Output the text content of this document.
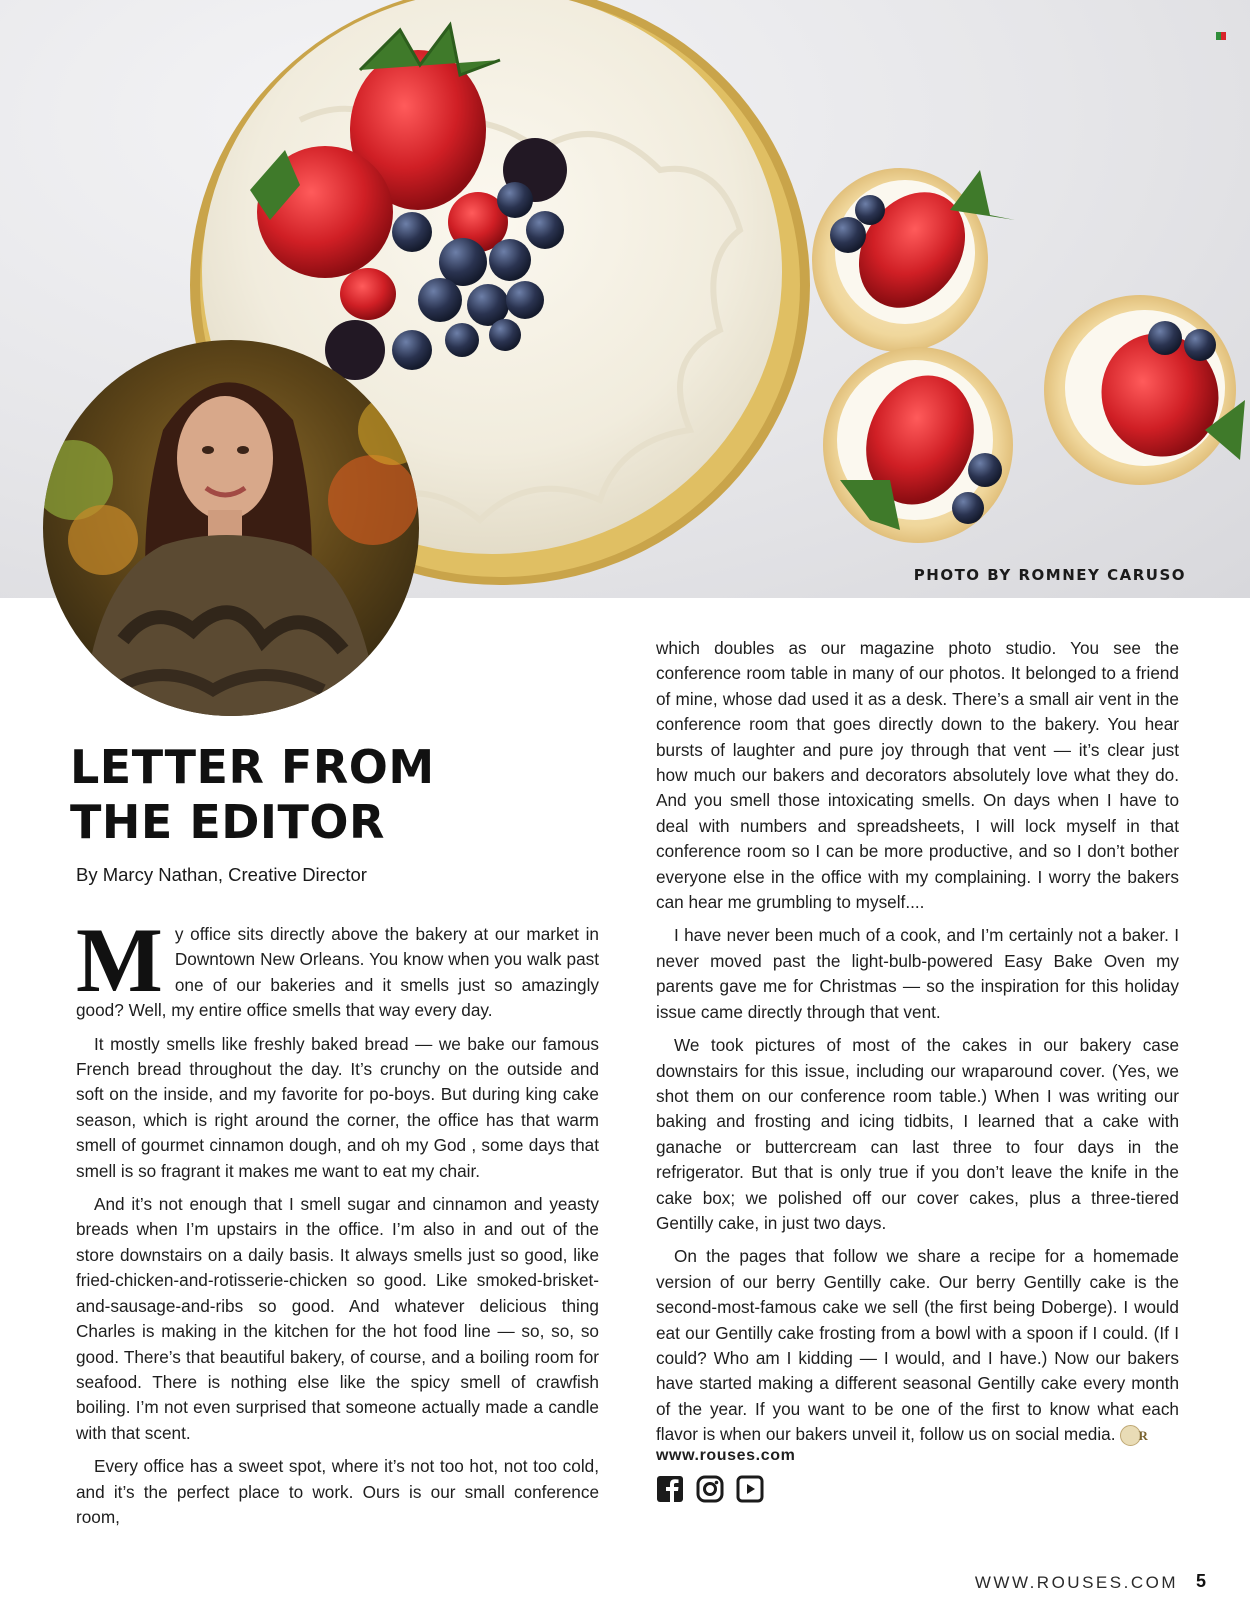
PHOTO BY ROMNEY CARUSO
LETTER FROM
THE EDITOR
By Marcy Nathan, Creative Director

My office sits directly above the bakery at our market in Downtown New Orleans. You know when you walk past one of our bakeries and it smells just so amazingly good? Well, my entire office smells that way every day.

It mostly smells like freshly baked bread — we bake our famous French bread throughout the day. It’s crunchy on the outside and soft on the inside, and my favorite for po-boys. But during king cake season, which is right around the corner, the office has that warm smell of gourmet cinnamon dough, and oh my God , some days that smell is so fragrant it makes me want to eat my chair.

And it’s not enough that I smell sugar and cinnamon and yeasty breads when I’m upstairs in the office. I’m also in and out of the store downstairs on a daily basis. It always smells just so good, like fried-chicken-and-rotisserie-chicken so good. Like smoked-brisket-and-sausage-and-ribs so good. And whatever delicious thing Charles is making in the kitchen for the hot food line — so, so, so good. There’s that beautiful bakery, of course, and a boiling room for seafood. There is nothing else like the spicy smell of crawfish boiling. I’m not even surprised that someone actually made a candle with that scent.

Every office has a sweet spot, where it’s not too hot, not too cold, and it’s the perfect place to work. Ours is our small conference room,

which doubles as our magazine photo studio. You see the conference room table in many of our photos. It belonged to a friend of mine, whose dad used it as a desk. There’s a small air vent in the conference room that goes directly down to the bakery. You hear bursts of laughter and pure joy through that vent — it’s clear just how much our bakers and decorators absolutely love what they do. And you smell those intoxicating smells. On days when I have to deal with numbers and spreadsheets, I will lock myself in that conference room so I can be more productive, and so I don’t bother everyone else in the office with my complaining. I worry the bakers can hear me grumbling to myself....

I have never been much of a cook, and I’m certainly not a baker. I never moved past the light-bulb-powered Easy Bake Oven my parents gave me for Christmas — so the inspiration for this holiday issue came directly through that vent.

We took pictures of most of the cakes in our bakery case downstairs for this issue, including our wraparound cover. (Yes, we shot them on our conference room table.) When I was writing our baking and frosting and icing tidbits, I learned that a cake with ganache or buttercream can last three to four days in the refrigerator. But that is only true if you don’t leave the knife in the cake box; we polished off our cover cakes, plus a three-tiered Gentilly cake, in just two days.

On the pages that follow we share a recipe for a homemade version of our berry Gentilly cake. Our berry Gentilly cake is the second-most-famous cake we sell (the first being Doberge). I would eat our Gentilly cake frosting from a bowl with a spoon if I could. (If I could? Who am I kidding — I would, and I have.) Now our bakers have started making a different seasonal Gentilly cake every month of the year. If you want to be one of the first to know what each flavor is when our bakers unveil it, follow us on social media. R

www.rouses.com
WWW.ROUSES.COM 5
